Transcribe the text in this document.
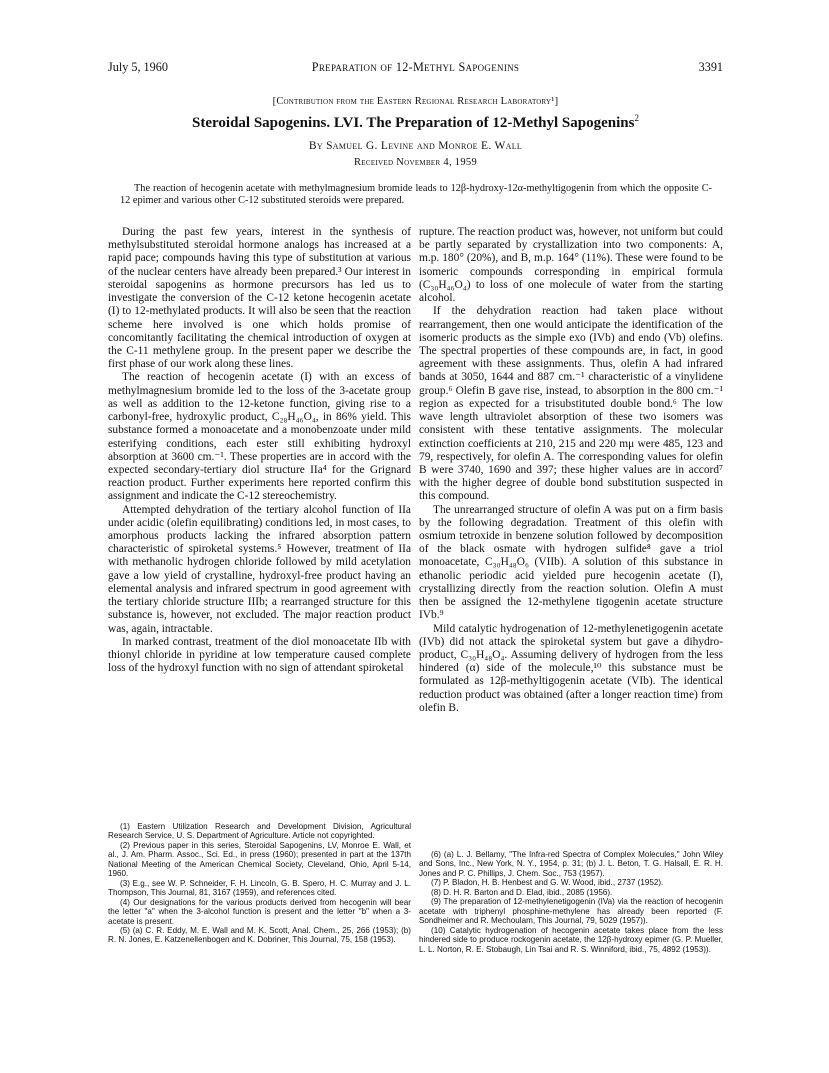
July 5, 1960	Preparation of 12-Methyl Sapogenins	3391
[Contribution from the Eastern Regional Research Laboratory¹]
Steroidal Sapogenins. LVI. The Preparation of 12-Methyl Sapogenins$^2$
By Samuel G. Levine and Monroe E. Wall
Received November 4, 1959

The reaction of hecogenin acetate with methylmagnesium bromide leads to 12β-hydroxy-12α-methyltigogenin from which the opposite C-12 epimer and various other C-12 substituted steroids were prepared.

During the past few years, interest in the synthesis of methylsubstituted steroidal hormone analogs has increased at a rapid pace; compounds having this type of substitution at various of the nuclear centers have already been prepared.³ Our interest in steroidal sapogenins as hormone precursors has led us to investigate the conversion of the C-12 ketone hecogenin acetate (I) to 12-methylated products. It will also be seen that the reaction scheme here involved is one which holds promise of concomitantly facilitating the chemical introduction of oxygen at the C-11 methylene group. In the present paper we describe the first phase of our work along these lines.

The reaction of hecogenin acetate (I) with an excess of methylmagnesium bromide led to the loss of the 3-acetate group as well as addition to the 12-ketone function, giving rise to a carbonyl-free, hydroxylic product, C₂₈H₄₆O₄, in 86% yield. This substance formed a monoacetate and a monobenzoate under mild esterifying conditions, each ester still exhibiting hydroxyl absorption at 3600 cm.⁻¹. These properties are in accord with the expected secondary-tertiary diol structure IIa⁴ for the Grignard reaction product. Further experiments here reported confirm this assignment and indicate the C-12 stereochemistry.

Attempted dehydration of the tertiary alcohol function of IIa under acidic (olefin equilibrating) conditions led, in most cases, to amorphous products lacking the infrared absorption pattern characteristic of spiroketal systems.⁵ However, treatment of IIa with methanolic hydrogen chloride followed by mild acetylation gave a low yield of crystalline, hydroxyl-free product having an elemental analysis and infrared spectrum in good agreement with the tertiary chloride structure IIIb; a rearranged structure for this substance is, however, not excluded. The major reaction product was, again, intractable.

In marked contrast, treatment of the diol monoacetate IIb with thionyl chloride in pyridine at low temperature caused complete loss of the hydroxyl function with no sign of attendant spiroketal

rupture. The reaction product was, however, not uniform but could be partly separated by crystallization into two components: A, m.p. 180° (20%), and B, m.p. 164° (11%). These were found to be isomeric compounds corresponding in empirical formula (C₃₀H₄₆O₄) to loss of one molecule of water from the starting alcohol.

If the dehydration reaction had taken place without rearrangement, then one would anticipate the identification of the isomeric products as the simple exo (IVb) and endo (Vb) olefins. The spectral properties of these compounds are, in fact, in good agreement with these assignments. Thus, olefin A had infrared bands at 3050, 1644 and 887 cm.⁻¹ characteristic of a vinylidene group.⁶ Olefin B gave rise, instead, to absorption in the 800 cm.⁻¹ region as expected for a trisubstituted double bond.⁶ The low wave length ultraviolet absorption of these two isomers was consistent with these tentative assignments. The molecular extinction coefficients at 210, 215 and 220 mμ were 485, 123 and 79, respectively, for olefin A. The corresponding values for olefin B were 3740, 1690 and 397; these higher values are in accord⁷ with the higher degree of double bond substitution suspected in this compound.

The unrearranged structure of olefin A was put on a firm basis by the following degradation. Treatment of this olefin with osmium tetroxide in benzene solution followed by decomposition of the black osmate with hydrogen sulfide⁸ gave a triol monoacetate, C₃₀H₄₈O₆ (VIIb). A solution of this substance in ethanolic periodic acid yielded pure hecogenin acetate (I), crystallizing directly from the reaction solution. Olefin A must then be assigned the 12-methylene tigogenin acetate structure IVb.⁹

Mild catalytic hydrogenation of 12-methylenetigogenin acetate (IVb) did not attack the spiroketal system but gave a dihydro-product, C₃₀H₄₈O₄. Assuming delivery of hydrogen from the less hindered (α) side of the molecule,¹⁰ this substance must be formulated as 12β-methyltigogenin acetate (VIb). The identical reduction product was obtained (after a longer reaction time) from olefin B.

(1) Eastern Utilization Research and Development Division, Agricultural Research Service, U. S. Department of Agriculture. Article not copyrighted.

(2) Previous paper in this series, Steroidal Sapogenins, LV, Monroe E. Wall, et al., J. Am. Pharm. Assoc., Sci. Ed., in press (1960); presented in part at the 137th National Meeting of the American Chemical Society, Cleveland, Ohio, April 5-14, 1960.

(3) E.g., see W. P. Schneider, F. H. Lincoln, G. B. Spero, H. C. Murray and J. L. Thompson, This Journal, 81, 3167 (1959), and references cited.

(4) Our designations for the various products derived from hecogenin will bear the letter "a" when the 3-alcohol function is present and the letter "b" when a 3-acetate is present.

(5) (a) C. R. Eddy, M. E. Wall and M. K. Scott, Anal. Chem., 25, 266 (1953); (b) R. N. Jones, E. Katzenellenbogen and K. Dobriner, This Journal, 75, 158 (1953).

(6) (a) L. J. Bellamy, "The Infra-red Spectra of Complex Molecules," John Wiley and Sons, Inc., New York, N. Y., 1954, p. 31; (b) J. L. Beton, T. G. Halsall, E. R. H. Jones and P. C. Phillips, J. Chem. Soc., 753 (1957).

(7) P. Bladon, H. B. Henbest and G. W. Wood, ibid., 2737 (1952).

(8) D. H. R. Barton and D. Elad, ibid., 2085 (1956).

(9) The preparation of 12-methylenetigogenin (IVa) via the reaction of hecogenin acetate with triphenyl phosphine-methylene has already been reported (F. Sondheimer and R. Mechoulam, This Journal, 79, 5029 (1957)).

(10) Catalytic hydrogenation of hecogenin acetate takes place from the less hindered side to produce rockogenin acetate, the 12β-hydroxy epimer (G. P. Mueller, L. L. Norton, R. E. Stobaugh, Lin Tsai and R. S. Winniford, ibid., 75, 4892 (1953)).
